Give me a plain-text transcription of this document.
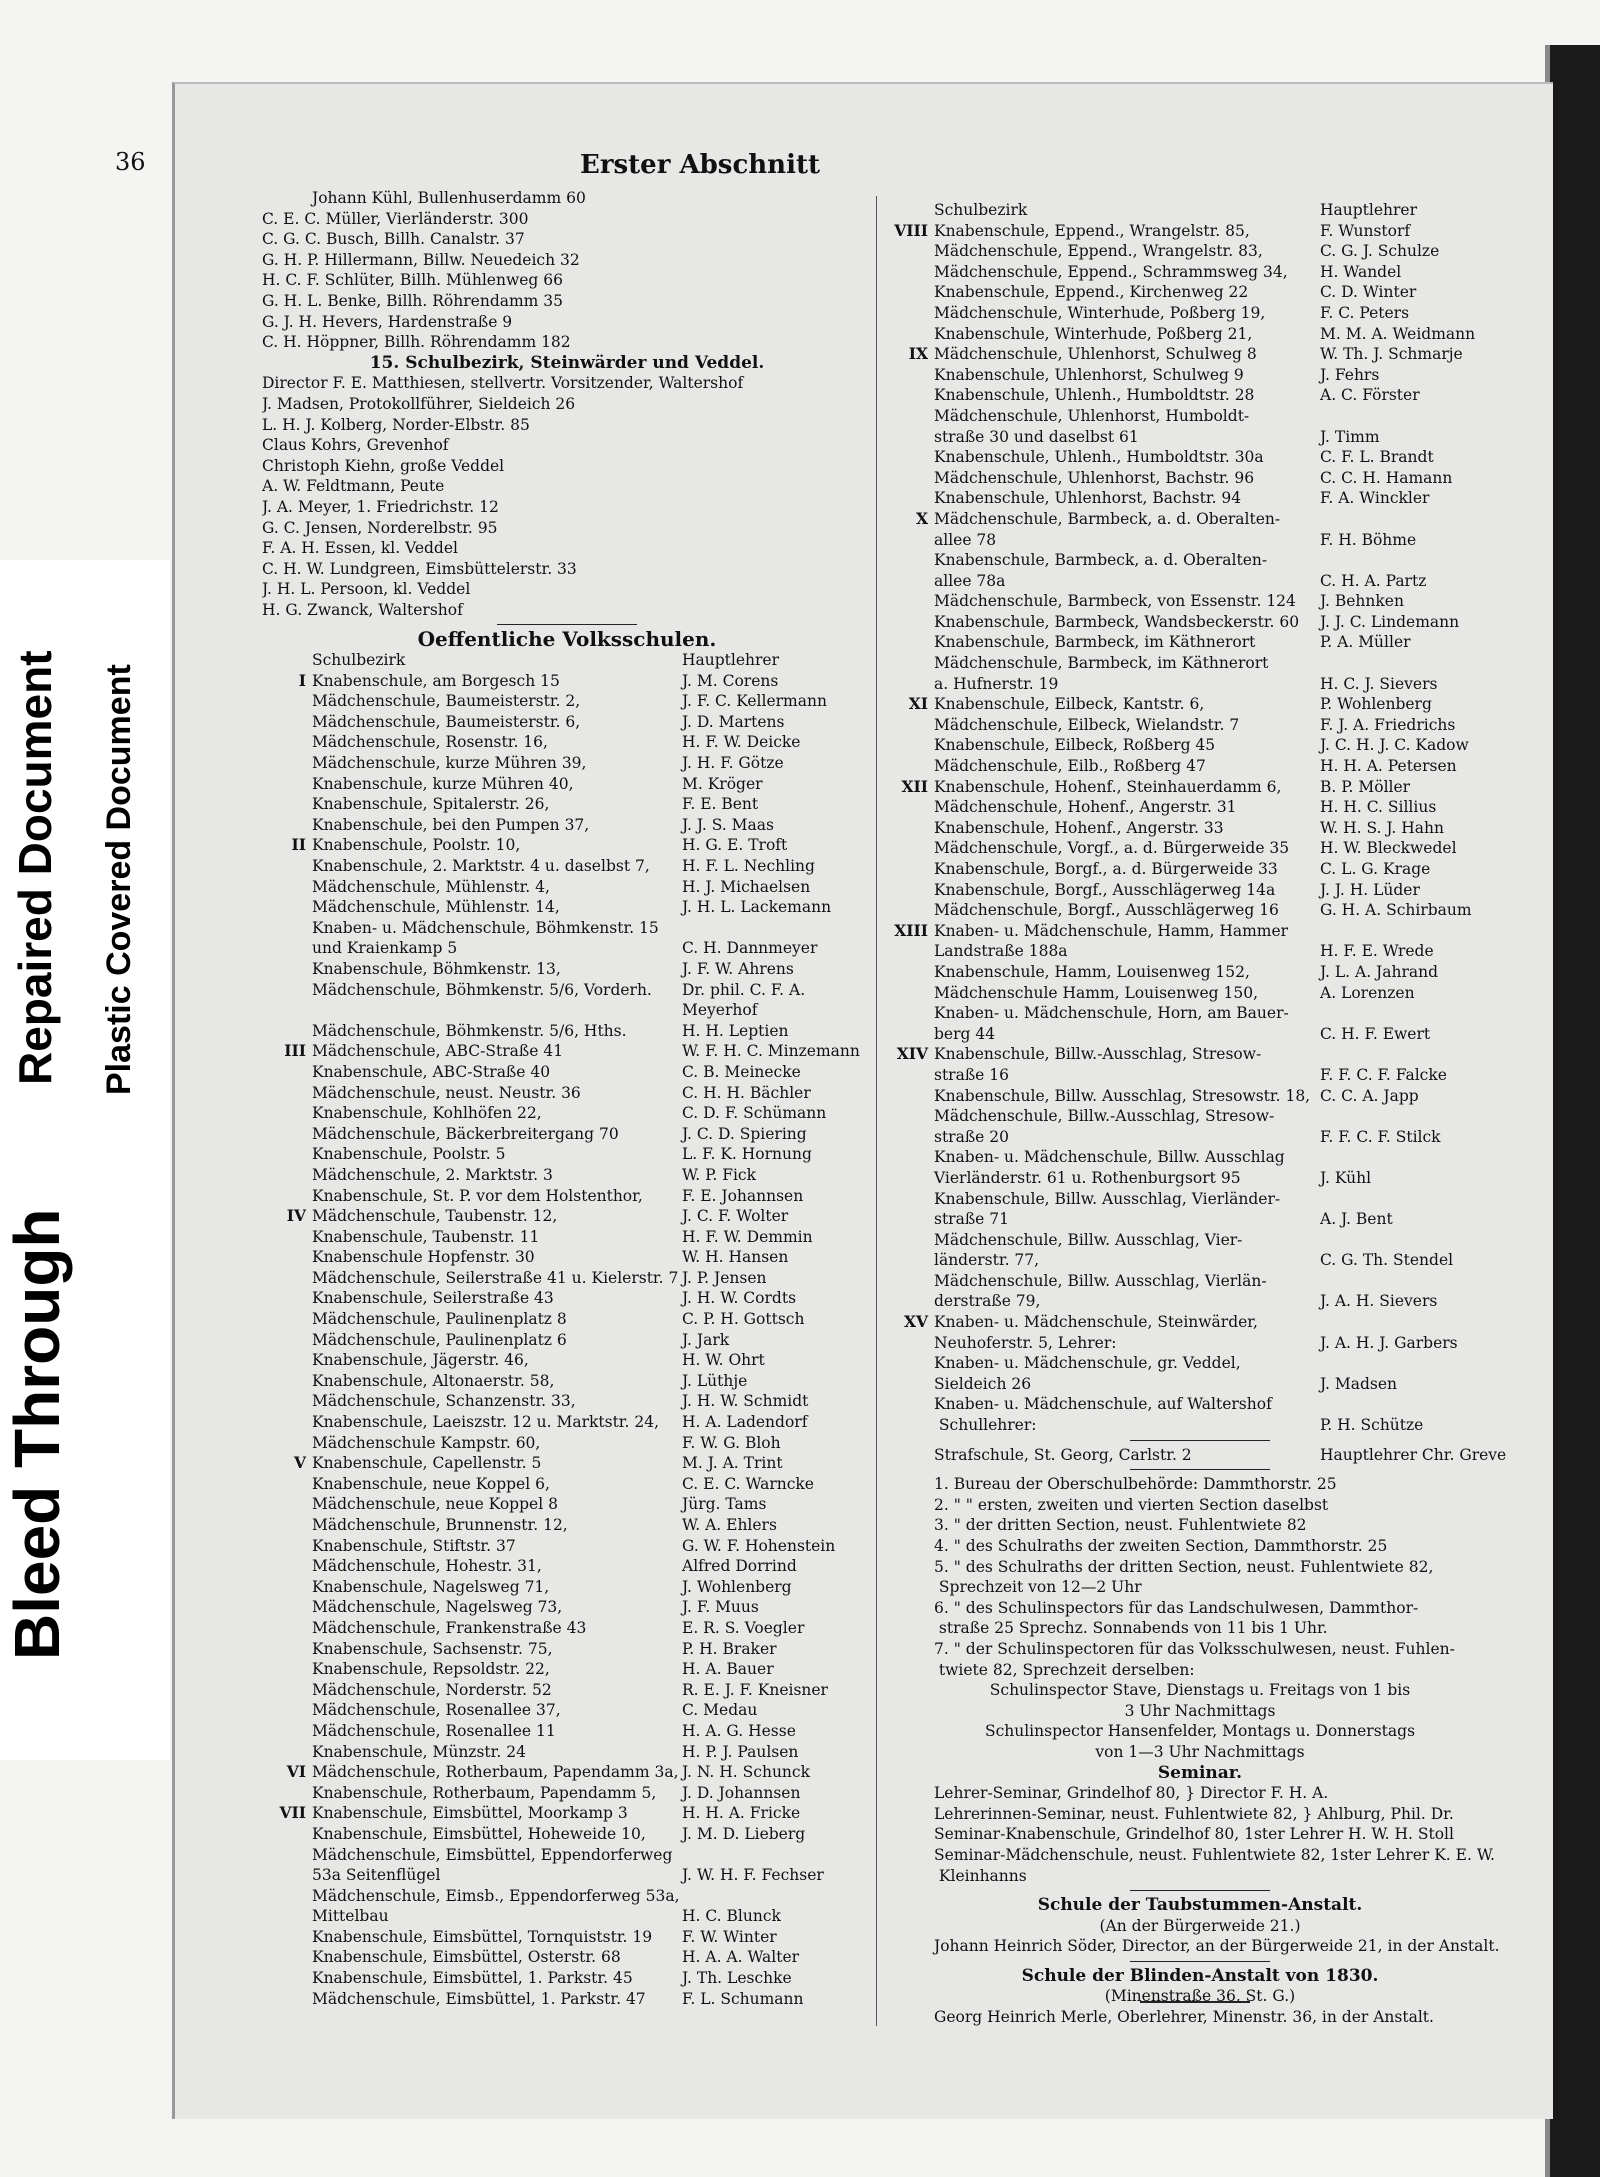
Bleed Through
Repaired Document Plastic Covered Document
36	Erster Abschnitt
Johann Kühl, Bullenhuserdamm 60
C. E. C. Müller, Vierländerstr. 300
C. G. C. Busch, Billh. Canalstr. 37
G. H. P. Hillermann, Billw. Neuedeich 32
H. C. F. Schlüter, Billh. Mühlenweg 66
G. H. L. Benke, Billh. Röhrendamm 35
G. J. H. Hevers, Hardenstraße 9
C. H. Höppner, Billh. Röhrendamm 182
15. Schulbezirk, Steinwärder und Veddel.
Director F. E. Matthiesen, stellvertr. Vorsitzender, Waltershof
J. Madsen, Protokollführer, Sieldeich 26
L. H. J. Kolberg, Norder-Elbstr. 85
Claus Kohrs, Grevenhof
Christoph Kiehn, große Veddel
A. W. Feldtmann, Peute
J. A. Meyer, 1. Friedrichstr. 12
G. C. Jensen, Norderelbstr. 95
F. A. H. Essen, kl. Veddel
C. H. W. Lundgreen, Eimsbüttelerstr. 33
J. H. L. Persoon, kl. Veddel
H. G. Zwanck, Waltershof
Oeffentliche Volksschulen.
Schulbezirk	Hauptlehrer
I Knabenschule, am Borgesch 15	J. M. Corens
Mädchenschule, Baumeisterstr. 2,	J. F. C. Kellermann
Mädchenschule, Baumeisterstr. 6,	J. D. Martens
Mädchenschule, Rosenstr. 16,	H. F. W. Deicke
Mädchenschule, kurze Mühren 39,	J. H. F. Götze
Knabenschule, kurze Mühren 40,	M. Kröger
Knabenschule, Spitalerstr. 26,	F. E. Bent
Knabenschule, bei den Pumpen 37,	J. J. S. Maas
II Knabenschule, Poolstr. 10,	H. G. E. Troft
Knabenschule, 2. Marktstr. 4 u. daselbst 7, H. F. L. Nechling
Mädchenschule, Mühlenstr. 4,	H. J. Michaelsen
Mädchenschule, Mühlenstr. 14,	J. H. L. Lackemann
Knaben- u. Mädchenschule, Böhmkenstr. 15
und Kraienkamp 5	C. H. Dannmeyer
Knabenschule, Böhmkenstr. 13,	J. F. W. Ahrens
Mädchenschule, Böhmkenstr. 5/6, Vorderh. Dr. phil. C. F. A.
Meyerhof
Mädchenschule, Böhmkenstr. 5/6, Hths.	H. H. Leptien
III Mädchenschule, ABC-Straße 41	W. F. H. C. Minzemann
Knabenschule, ABC-Straße 40	C. B. Meinecke
Mädchenschule, neust. Neustr. 36	C. H. H. Bächler
Knabenschule, Kohlhöfen 22,	C. D. F. Schümann
Mädchenschule, Bäckerbreitergang 70	J. C. D. Spiering
Knabenschule, Poolstr. 5	L. F. K. Hornung
Mädchenschule, 2. Marktstr. 3	W. P. Fick
Knabenschule, St. P. vor dem Holstenthor,	F. E. Johannsen
IV Mädchenschule, Taubenstr. 12,	J. C. F. Wolter
Knabenschule, Taubenstr. 11	H. F. W. Demmin
Knabenschule Hopfenstr. 30	W. H. Hansen
Mädchenschule, Seilerstraße 41 u. Kielerstr. 7 J. P. Jensen
Knabenschule, Seilerstraße 43	J. H. W. Cordts
Mädchenschule, Paulinenplatz 8	C. P. H. Gottsch
Mädchenschule, Paulinenplatz 6	J. Jark
Knabenschule, Jägerstr. 46,	H. W. Ohrt
Knabenschule, Altonaerstr. 58,	J. Lüthje
Mädchenschule, Schanzenstr. 33,	J. H. W. Schmidt
Knabenschule, Laeiszstr. 12 u. Marktstr. 24, H. A. Ladendorf
Mädchenschule Kampstr. 60,	F. W. G. Bloh
V Knabenschule, Capellenstr. 5	M. J. A. Trint
Knabenschule, neue Koppel 6,	C. E. C. Warncke
Mädchenschule, neue Koppel 8	Jürg. Tams
Mädchenschule, Brunnenstr. 12,	W. A. Ehlers
Knabenschule, Stiftstr. 37	G. W. F. Hohenstein
Mädchenschule, Hohestr. 31,	Alfred Dorrind
Knabenschule, Nagelsweg 71,	J. Wohlenberg
Mädchenschule, Nagelsweg 73,	J. F. Muus
Mädchenschule, Frankenstraße 43	E. R. S. Voegler
Knabenschule, Sachsenstr. 75,	P. H. Braker
Knabenschule, Repsoldstr. 22,	H. A. Bauer
Mädchenschule, Norderstr. 52	R. E. J. F. Kneisner
Mädchenschule, Rosenallee 37,	C. Medau
Mädchenschule, Rosenallee 11	H. A. G. Hesse
Knabenschule, Münzstr. 24	H. P. J. Paulsen
VI Mädchenschule, Rotherbaum, Papendamm 3a, J. N. H. Schunck
Knabenschule, Rotherbaum, Papendamm 5, J. D. Johannsen
VII Knabenschule, Eimsbüttel, Moorkamp 3	H. H. A. Fricke
Knabenschule, Eimsbüttel, Hoheweide 10, J. M. D. Lieberg
Mädchenschule, Eimsbüttel, Eppendorferweg
53a Seitenflügel	J. W. H. F. Fechser
Mädchenschule, Eimsb., Eppendorferweg 53a,
Mittelbau	H. C. Blunck
Knabenschule, Eimsbüttel, Tornquiststr. 19 F. W. Winter
Knabenschule, Eimsbüttel, Osterstr. 68	H. A. A. Walter
Knabenschule, Eimsbüttel, 1. Parkstr. 45	J. Th. Leschke
Mädchenschule, Eimsbüttel, 1. Parkstr. 47 F. L. Schumann
Schulbezirk	Hauptlehrer
VIII Knabenschule, Eppend., Wrangelstr. 85,	F. Wunstorf
Mädchenschule, Eppend., Wrangelstr. 83,	C. G. J. Schulze
Mädchenschule, Eppend., Schrammsweg 34, H. Wandel
Knabenschule, Eppend., Kirchenweg 22	C. D. Winter
Mädchenschule, Winterhude, Poßberg 19,	F. C. Peters
Knabenschule, Winterhude, Poßberg 21,	M. M. A. Weidmann
IX Mädchenschule, Uhlenhorst, Schulweg 8	W. Th. J. Schmarje
Knabenschule, Uhlenhorst, Schulweg 9	J. Fehrs
Knabenschule, Uhlenh., Humboldtstr. 28	A. C. Förster
Mädchenschule, Uhlenhorst, Humboldt-
straße 30 und daselbst 61	J. Timm
Knabenschule, Uhlenh., Humboldtstr. 30a	C. F. L. Brandt
Mädchenschule, Uhlenhorst, Bachstr. 96	C. C. H. Hamann
Knabenschule, Uhlenhorst, Bachstr. 94	F. A. Winckler
X Mädchenschule, Barmbeck, a. d. Oberalten-
allee 78	F. H. Böhme
Knabenschule, Barmbeck, a. d. Oberalten-
allee 78a	C. H. A. Partz
Mädchenschule, Barmbeck, von Essenstr. 124 J. Behnken
Knabenschule, Barmbeck, Wandsbeckerstr. 60 J. J. C. Lindemann
Knabenschule, Barmbeck, im Käthnerort	P. A. Müller
Mädchenschule, Barmbeck, im Käthnerort
a. Hufnerstr. 19	H. C. J. Sievers
XI Knabenschule, Eilbeck, Kantstr. 6,	P. Wohlenberg
Mädchenschule, Eilbeck, Wielandstr. 7	F. J. A. Friedrichs
Knabenschule, Eilbeck, Roßberg 45	J. C. H. J. C. Kadow
Mädchenschule, Eilb., Roßberg 47	H. H. A. Petersen
XII Knabenschule, Hohenf., Steinhauerdamm 6, B. P. Möller
Mädchenschule, Hohenf., Angerstr. 31	H. H. C. Sillius
Knabenschule, Hohenf., Angerstr. 33	W. H. S. J. Hahn
Mädchenschule, Vorgf., a. d. Bürgerweide 35 H. W. Bleckwedel
Knabenschule, Borgf., a. d. Bürgerweide 33	C. L. G. Krage
Knabenschule, Borgf., Ausschlägerweg 14a	J. J. H. Lüder
Mädchenschule, Borgf., Ausschlägerweg 16	G. H. A. Schirbaum
XIII Knaben- u. Mädchenschule, Hamm, Hammer
Landstraße 188a	H. F. E. Wrede
Knabenschule, Hamm, Louisenweg 152,	J. L. A. Jahrand
Mädchenschule Hamm, Louisenweg 150,	A. Lorenzen
Knaben- u. Mädchenschule, Horn, am Bauer-
berg 44	C. H. F. Ewert
XIV Knabenschule, Billw.-Ausschlag, Stresow-
straße 16	F. F. C. F. Falcke
Knabenschule, Billw. Ausschlag, Stresowstr. 18, C. C. A. Japp
Mädchenschule, Billw.-Ausschlag, Stresow-
straße 20	F. F. C. F. Stilck
Knaben- u. Mädchenschule, Billw. Ausschlag
Vierländerstr. 61 u. Rothenburgsort 95	J. Kühl
Knabenschule, Billw. Ausschlag, Vierländer-
straße 71	A. J. Bent
Mädchenschule, Billw. Ausschlag, Vier-
länderstr. 77,	C. G. Th. Stendel
Mädchenschule, Billw. Ausschlag, Vierlän-
derstraße 79,	J. A. H. Sievers
XV Knaben- u. Mädchenschule, Steinwärder,
Neuhoferstr. 5, Lehrer:	J. A. H. J. Garbers
Knaben- u. Mädchenschule, gr. Veddel,
Sieldeich 26	J. Madsen
Knaben- u. Mädchenschule, auf Waltershof
Schullehrer:	P. H. Schütze
Strafschule, St. Georg, Carlstr. 2	Hauptlehrer Chr. Greve
1. Bureau der Oberschulbehörde: Dammthorstr. 25
2. " " ersten, zweiten und vierten Section daselbst
3. " der dritten Section, neust. Fuhlentwiete 82
4. " des Schulraths der zweiten Section, Dammthorstr. 25
5. " des Schulraths der dritten Section, neust. Fuhlentwiete 82,
Sprechzeit von 12—2 Uhr
6. " des Schulinspectors für das Landschulwesen, Dammthor-
straße 25 Sprechz. Sonnabends von 11 bis 1 Uhr.
7. " der Schulinspectoren für das Volksschulwesen, neust. Fuhlen-
twiete 82, Sprechzeit derselben:
Schulinspector Stave, Dienstags u. Freitags von 1 bis
3 Uhr Nachmittags
Schulinspector Hansenfelder, Montags u. Donnerstags
von 1—3 Uhr Nachmittags
Seminar.
Lehrer-Seminar, Grindelhof 80, } Director F. H. A.
Lehrerinnen-Seminar, neust. Fuhlentwiete 82, } Ahlburg, Phil. Dr.
Seminar-Knabenschule, Grindelhof 80, 1ster Lehrer H. W. H. Stoll
Seminar-Mädchenschule, neust. Fuhlentwiete 82, 1ster Lehrer K. E. W.
Kleinhanns
Schule der Taubstummen-Anstalt.
(An der Bürgerweide 21.)
Johann Heinrich Söder, Director, an der Bürgerweide 21, in der Anstalt.
Schule der Blinden-Anstalt von 1830.
(Minenstraße 36, St. G.)
Georg Heinrich Merle, Oberlehrer, Minenstr. 36, in der Anstalt.
